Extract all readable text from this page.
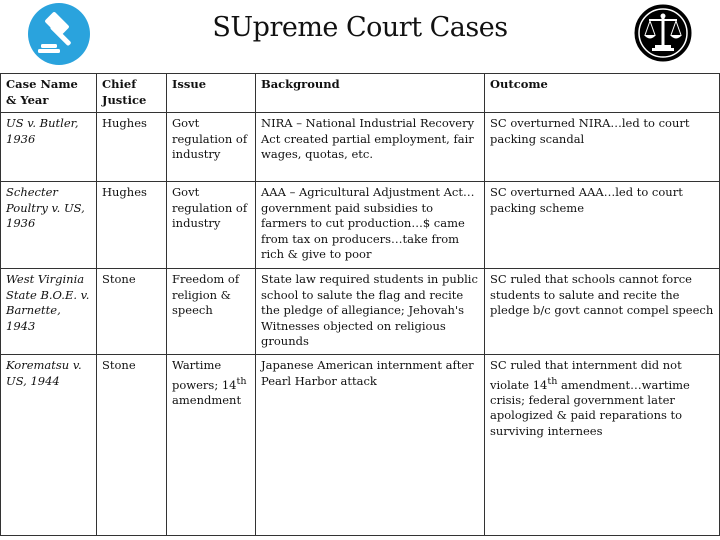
SUpreme Court Cases
Case Name & Year	Chief Justice	Issue	Background	Outcome
US v. Butler, 1936	Hughes	Govt regulation of industry	NIRA – National Industrial Recovery Act created partial employment, fair wages, quotas, etc.	SC overturned NIRA…led to court packing scandal
Schecter Poultry v. US, 1936	Hughes	Govt regulation of industry	AAA – Agricultural Adjustment Act…government paid subsidies to farmers to cut production…$ came from tax on producers…take from rich & give to poor	SC overturned AAA…led to court packing scheme
West Virginia State B.O.E. v. Barnette, 1943	Stone	Freedom of religion & speech	State law required students in public school to salute the flag and recite the pledge of allegiance; Jehovah's Witnesses objected on religious grounds	SC ruled that schools cannot force students to salute and recite the pledge b/c govt cannot compel speech
Korematsu v. US, 1944	Stone	Wartime powers; 14th amendment	Japanese American internment after Pearl Harbor attack	SC ruled that internment did not violate 14th amendment…wartime crisis; federal government later apologized & paid reparations to surviving internees
